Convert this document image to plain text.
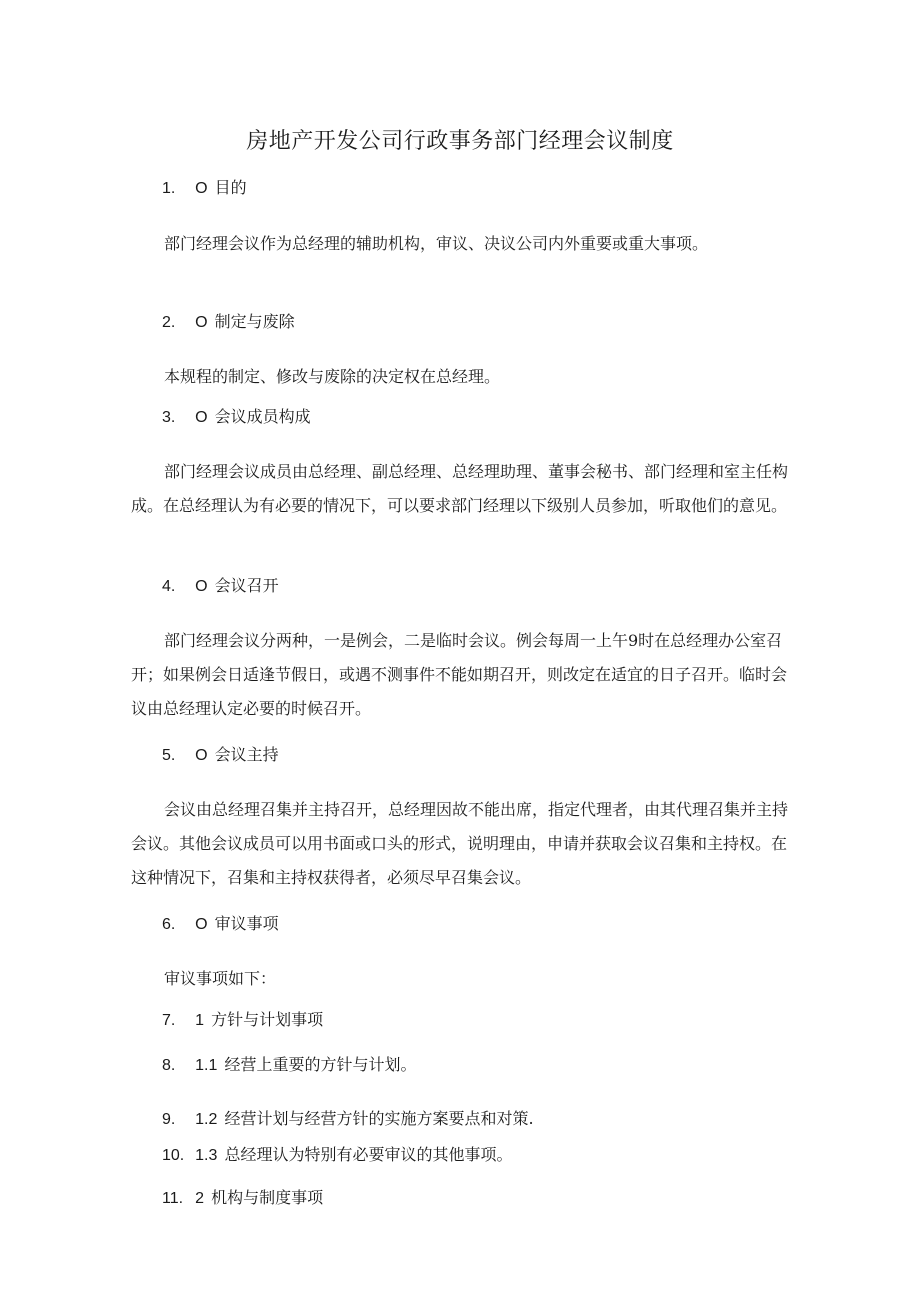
房地产开发公司行政事务部门经理会议制度
1. O 目的

部门经理会议作为总经理的辅助机构，审议、决议公司内外重要或重大事项。

2. O 制定与废除

本规程的制定、修改与废除的决定权在总经理。

3. O 会议成员构成

部门经理会议成员由总经理、副总经理、总经理助理、董事会秘书、部门经理和室主任构成。在总经理认为有必要的情况下，可以要求部门经理以下级别人员参加，听取他们的意见。

4. O 会议召开

部门经理会议分两种，一是例会，二是临时会议。例会每周一上午9时在总经理办公室召开；如果例会日适逢节假日，或遇不测事件不能如期召开，则改定在适宜的日子召开。临时会议由总经理认定必要的时候召开。

5. O 会议主持

会议由总经理召集并主持召开，总经理因故不能出席，指定代理者，由其代理召集并主持会议。其他会议成员可以用书面或口头的形式，说明理由，申请并获取会议召集和主持权。在这种情况下，召集和主持权获得者，必须尽早召集会议。

6. O 审议事项

审议事项如下：

7. 1 方针与计划事项
8. 1.1 经营上重要的方针与计划。
9. 1.2 经营计划与经营方针的实施方案要点和对策.
10. 1.3 总经理认为特别有必要审议的其他事项。
11. 2 机构与制度事项
